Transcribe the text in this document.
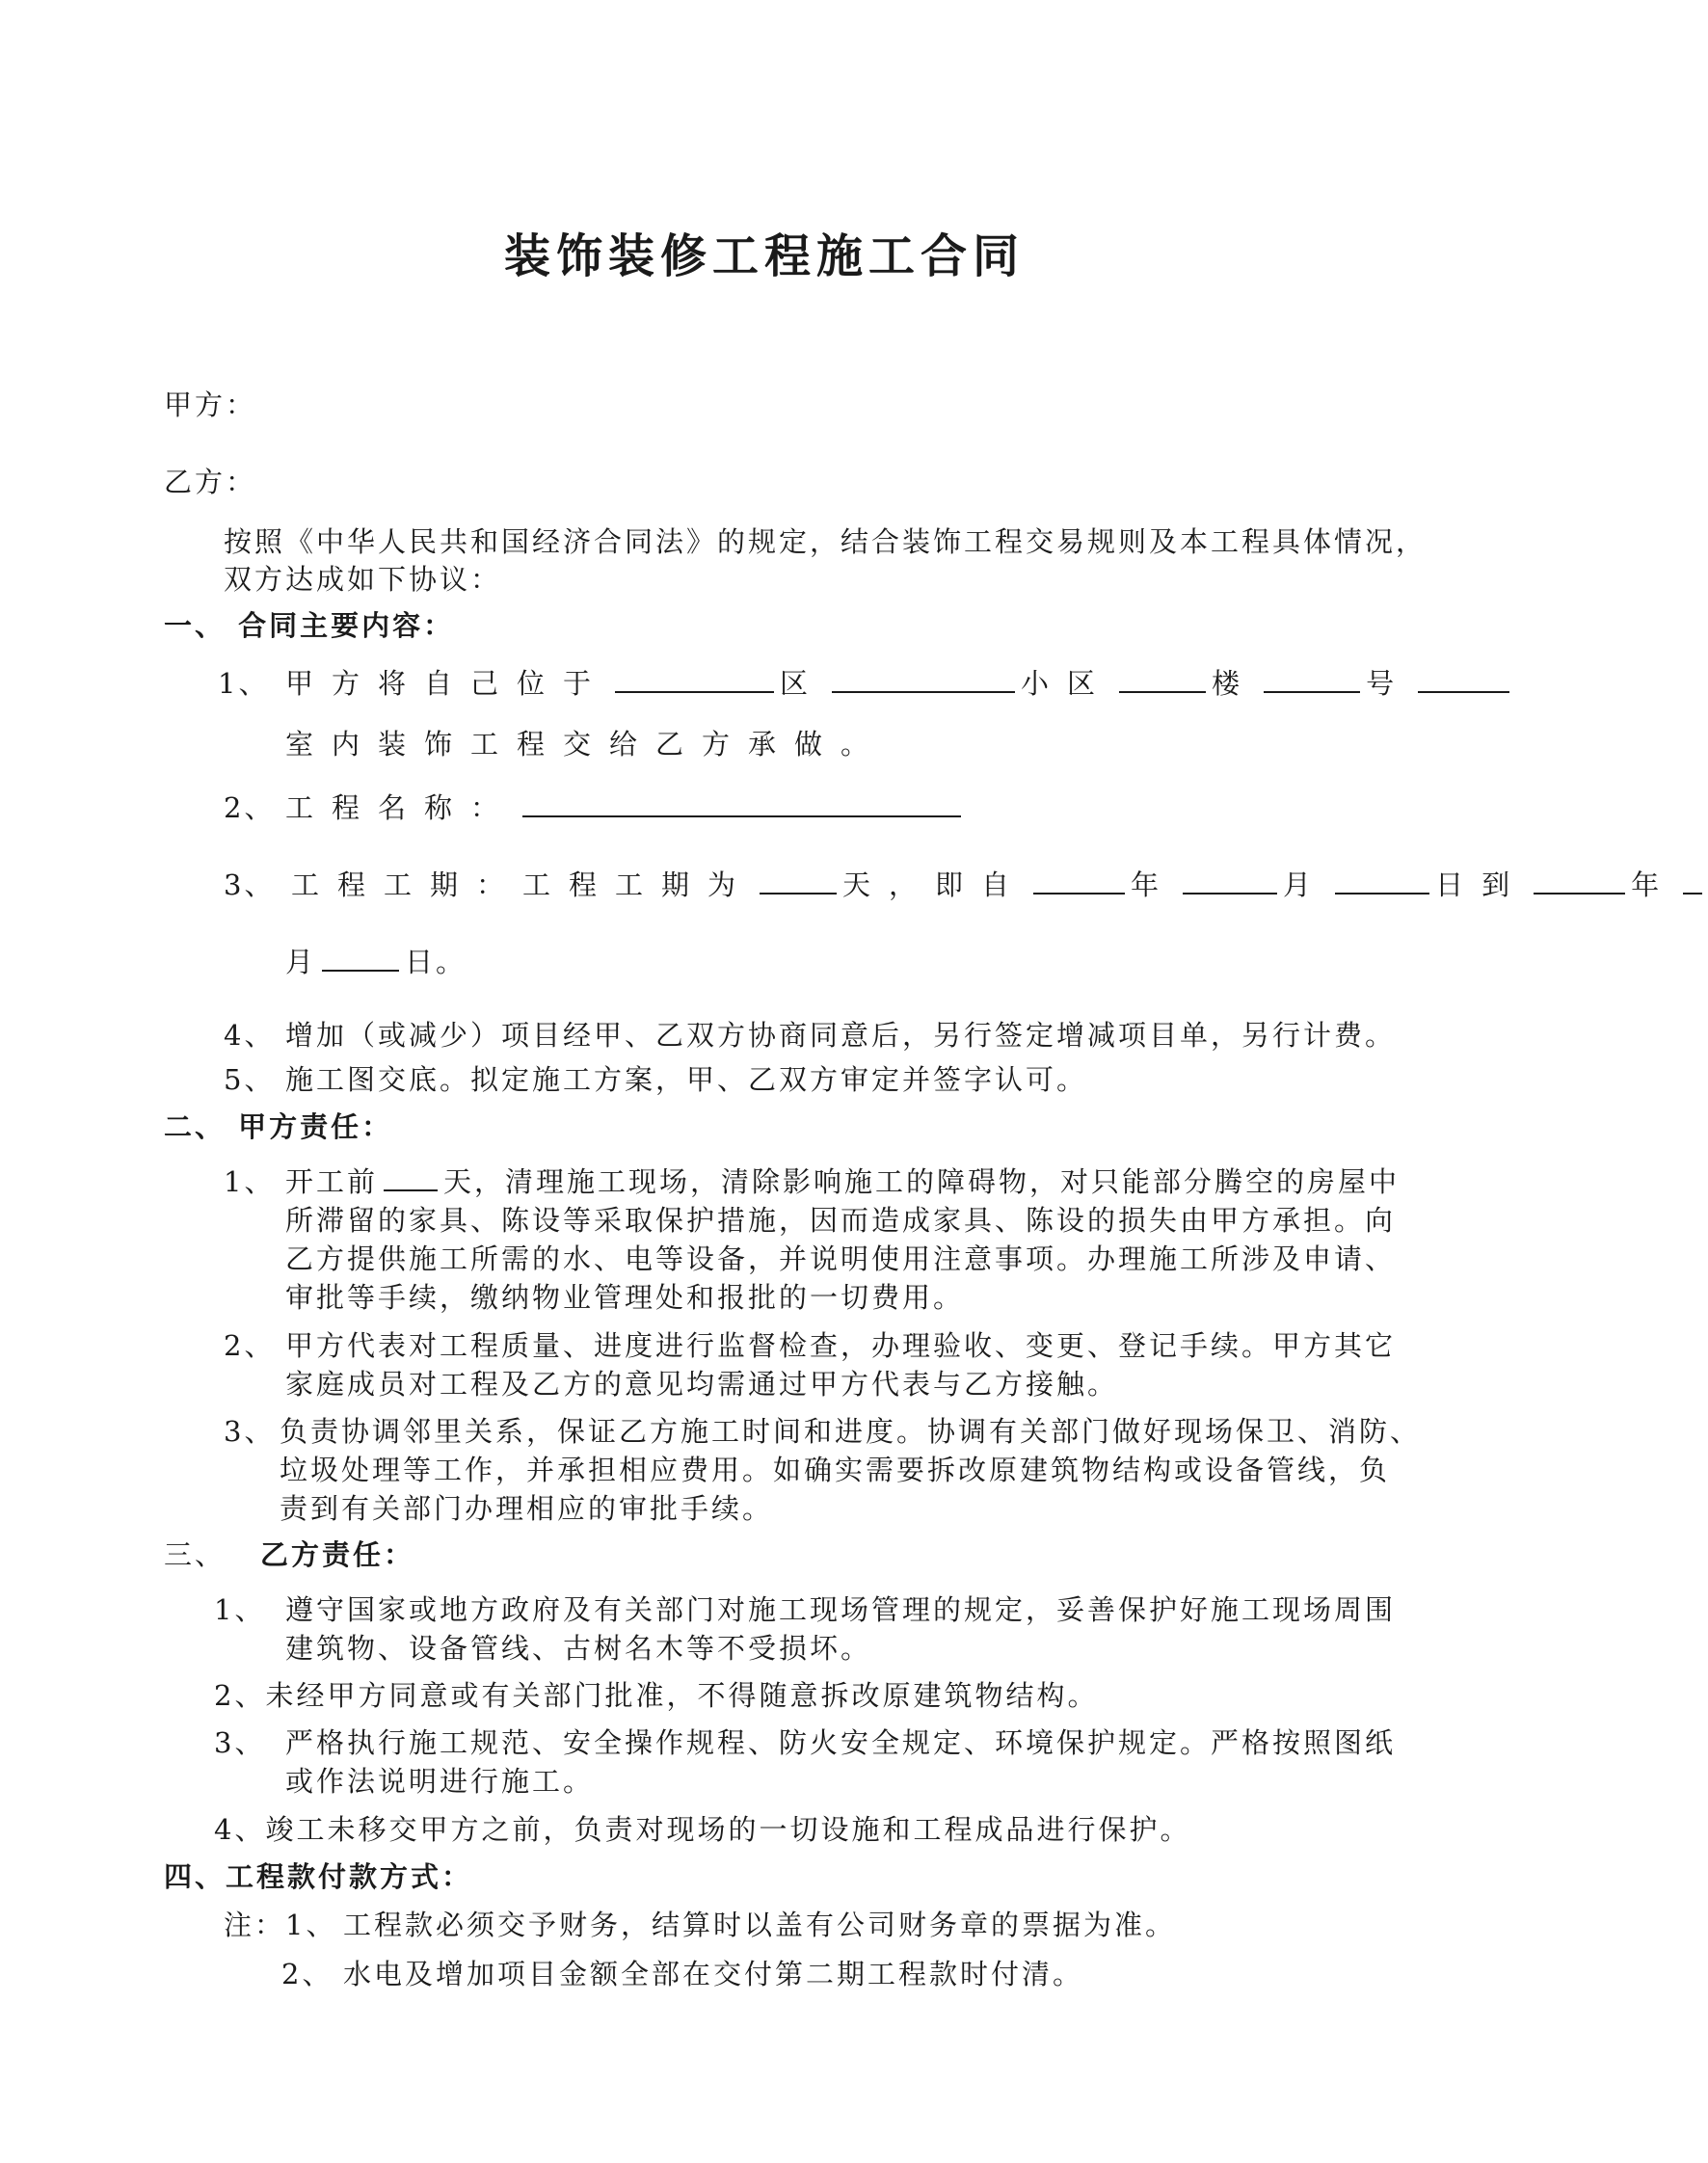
装饰装修工程施工合同
甲方：
乙方：
按照《中华人民共和国经济合同法》的规定，结合装饰工程交易规则及本工程具体情况，
双方达成如下协议：
一、 合同主要内容：
1、 甲方将自己位于	区	小区	楼	号
室内装饰工程交给乙方承做。
2、 工程名称：
3、 工程工期：工程工期为	天，即自	年	月	日到	年
月	日。
4、 增加（或减少）项目经甲、乙双方协商同意后，另行签定增减项目单，另行计费。
5、 施工图交底。拟定施工方案，甲、乙双方审定并签字认可。
二、 甲方责任：
1、 开工前 天，清理施工现场，清除影响施工的障碍物，对只能部分腾空的房屋中
所滞留的家具、陈设等采取保护措施，因而造成家具、陈设的损失由甲方承担。向
乙方提供施工所需的水、电等设备，并说明使用注意事项。办理施工所涉及申请、
审批等手续，缴纳物业管理处和报批的一切费用。
2、 甲方代表对工程质量、进度进行监督检查，办理验收、变更、登记手续。甲方其它
家庭成员对工程及乙方的意见均需通过甲方代表与乙方接触。
3、 负责协调邻里关系，保证乙方施工时间和进度。协调有关部门做好现场保卫、消防、
垃圾处理等工作，并承担相应费用。如确实需要拆改原建筑物结构或设备管线，负
责到有关部门办理相应的审批手续。
三、 乙方责任：
1、 遵守国家或地方政府及有关部门对施工现场管理的规定，妥善保护好施工现场周围
建筑物、设备管线、古树名木等不受损坏。
2、未经甲方同意或有关部门批准，不得随意拆改原建筑物结构。
3、 严格执行施工规范、安全操作规程、防火安全规定、环境保护规定。严格按照图纸
或作法说明进行施工。
4、竣工未移交甲方之前，负责对现场的一切设施和工程成品进行保护。
四、工程款付款方式：
注：1、 工程款必须交予财务，结算时以盖有公司财务章的票据为准。
2、 水电及增加项目金额全部在交付第二期工程款时付清。
